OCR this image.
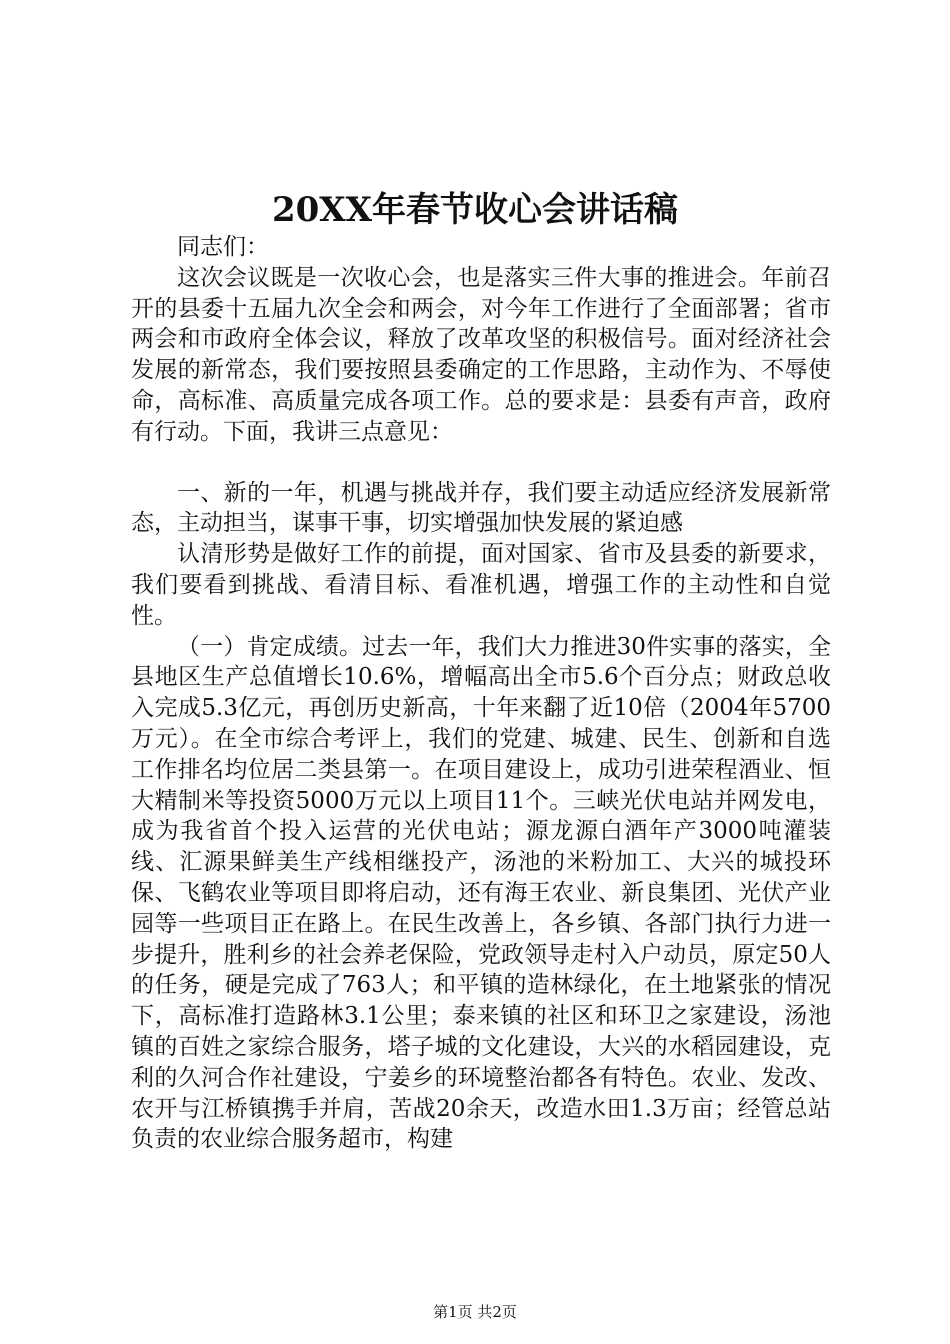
20XX年春节收心会讲话稿

同志们：

这次会议既是一次收心会，也是落实三件大事的推进会。年前召开的县委十五届九次全会和两会，对今年工作进行了全面部署；省市两会和市政府全体会议，释放了改革攻坚的积极信号。面对经济社会发展的新常态，我们要按照县委确定的工作思路，主动作为、不辱使命，高标准、高质量完成各项工作。总的要求是：县委有声音，政府有行动。下面，我讲三点意见：

一、新的一年，机遇与挑战并存，我们要主动适应经济发展新常态，主动担当，谋事干事，切实增强加快发展的紧迫感

认清形势是做好工作的前提，面对国家、省市及县委的新要求，我们要看到挑战、看清目标、看准机遇，增强工作的主动性和自觉性。

（一）肯定成绩。过去一年，我们大力推进30件实事的落实，全县地区生产总值增长10.6%，增幅高出全市5.6个百分点；财政总收入完成5.3亿元，再创历史新高，十年来翻了近10倍（2004年5700万元）。在全市综合考评上，我们的党建、城建、民生、创新和自选工作排名均位居二类县第一。在项目建设上，成功引进荣程酒业、恒大精制米等投资5000万元以上项目11个。三峡光伏电站并网发电，成为我省首个投入运营的光伏电站；源龙源白酒年产3000吨灌装线、汇源果鲜美生产线相继投产，汤池的米粉加工、大兴的城投环保、飞鹤农业等项目即将启动，还有海王农业、新良集团、光伏产业园等一些项目正在路上。在民生改善上，各乡镇、各部门执行力进一步提升，胜利乡的社会养老保险，党政领导走村入户动员，原定50人的任务，硬是完成了763人；和平镇的造林绿化，在土地紧张的情况下，高标准打造路林3.1公里；泰来镇的社区和环卫之家建设，汤池镇的百姓之家综合服务，塔子城的文化建设，大兴的水稻园建设，克利的久河合作社建设，宁姜乡的环境整治都各有特色。农业、发改、农开与江桥镇携手并肩，苦战20余天，改造水田1.3万亩；经管总站负责的农业综合服务超市，构建

第1页 共2页
